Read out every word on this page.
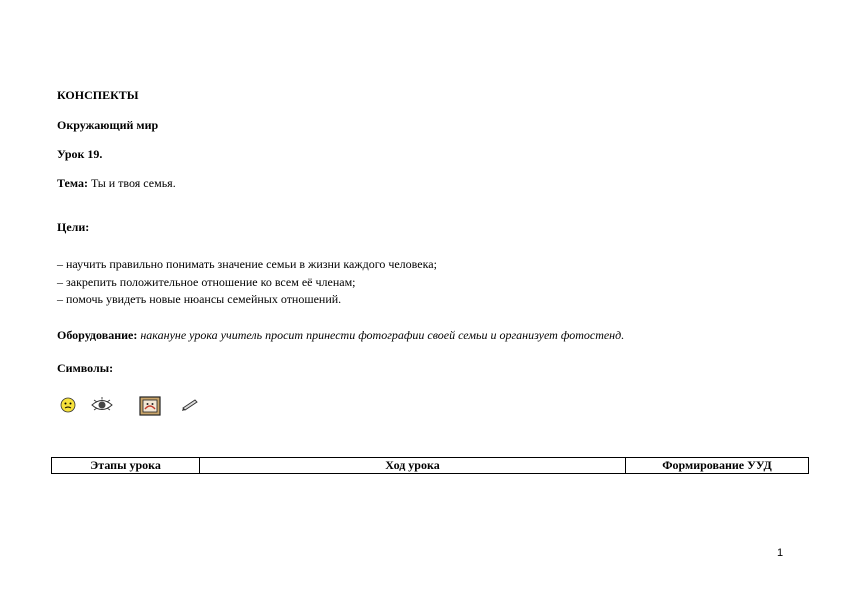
КОНСПЕКТЫ
Окружающий мир
Урок 19.
Тема: Ты и твоя семья.
Цели:
– научить правильно понимать значение семьи в жизни каждого человека;
– закрепить положительное отношение ко всем её членам;
– помочь увидеть новые нюансы семейных отношений.
Оборудование: накануне урока учитель просит принести фотографии своей семьи и организует фотостенд.
Символы:
Этапы урока	Ход урока	Формирование УУД
1
